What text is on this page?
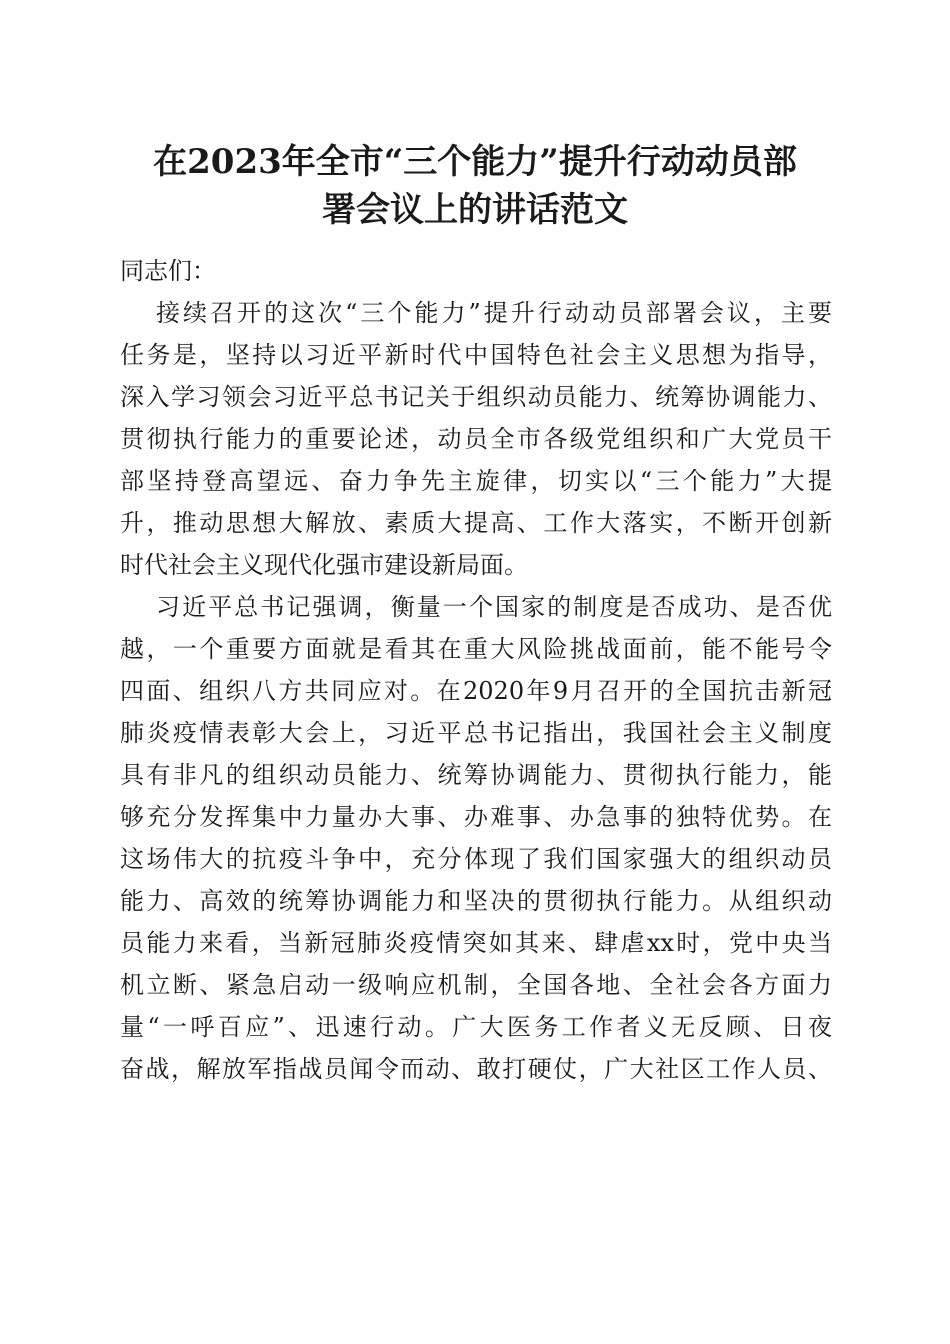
在2023年全市“三个能力”提升行动动员部
署会议上的讲话范文

同志们：

接续召开的这次“三个能力”提升行动动员部署会议，主要
任务是，坚持以习近平新时代中国特色社会主义思想为指导，
深入学习领会习近平总书记关于组织动员能力、统筹协调能力、
贯彻执行能力的重要论述，动员全市各级党组织和广大党员干
部坚持登高望远、奋力争先主旋律，切实以“三个能力”大提
升，推动思想大解放、素质大提高、工作大落实，不断开创新
时代社会主义现代化强市建设新局面。

习近平总书记强调，衡量一个国家的制度是否成功、是否优
越，一个重要方面就是看其在重大风险挑战面前，能不能号令
四面、组织八方共同应对。在2020年9月召开的全国抗击新冠
肺炎疫情表彰大会上，习近平总书记指出，我国社会主义制度
具有非凡的组织动员能力、统筹协调能力、贯彻执行能力，能
够充分发挥集中力量办大事、办难事、办急事的独特优势。在
这场伟大的抗疫斗争中，充分体现了我们国家强大的组织动员
能力、高效的统筹协调能力和坚决的贯彻执行能力。从组织动
员能力来看，当新冠肺炎疫情突如其来、肆虐xx时，党中央当
机立断、紧急启动一级响应机制，全国各地、全社会各方面力
量“一呼百应”、迅速行动。广大医务工作者义无反顾、日夜
奋战，解放军指战员闻令而动、敢打硬仗，广大社区工作人员、
